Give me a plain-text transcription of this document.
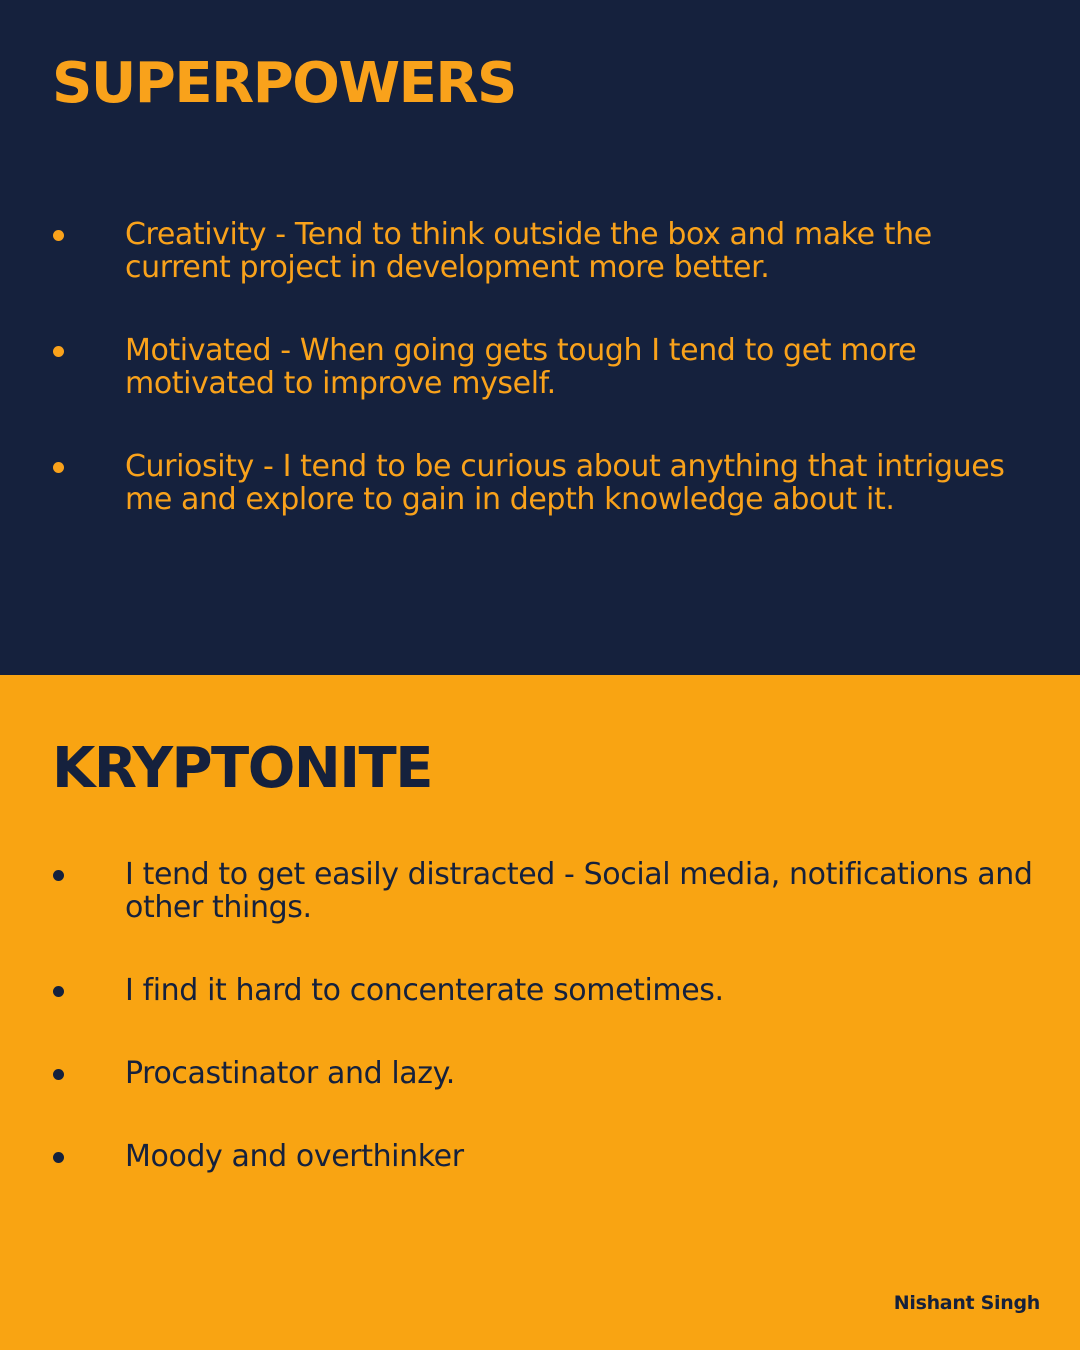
SUPERPOWERS
Creativity - Tend to think outside the box and make the current project in development more better.
Motivated - When going gets tough I tend to get more motivated to improve myself.
Curiosity - I tend to be curious about anything that intrigues me and explore to gain in depth knowledge about it.
KRYPTONITE
I tend to get easily distracted - Social media, notifications and other things.
I find it hard to concenterate sometimes.
Procastinator and lazy.
Moody and overthinker
Nishant Singh
